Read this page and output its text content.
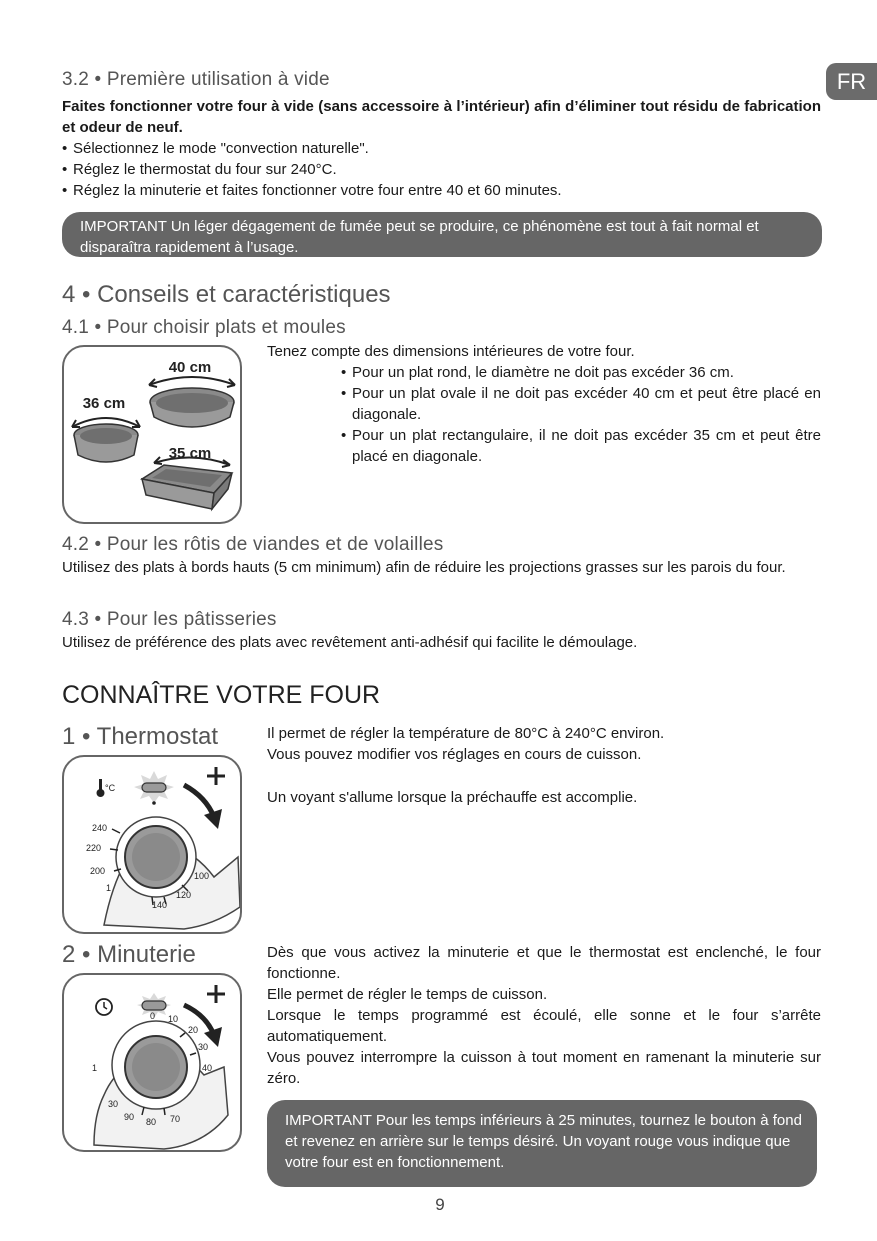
FR
3.2 • Première utilisation à vide
Faites fonctionner votre four à vide (sans accessoire à l’intérieur) afin d’éliminer tout résidu de fabrication et odeur de neuf.
• Sélectionnez le mode "convection naturelle".
• Réglez le thermostat du four sur 240°C.
• Réglez la minuterie et faites fonctionner votre four entre 40 et 60 minutes.
IMPORTANT Un léger dégagement de fumée peut se produire, ce phénomène est tout à fait normal et disparaîtra rapidement à l’usage.
4 • Conseils et caractéristiques
4.1 • Pour choisir plats et moules
40 cm
36 cm
35 cm
Tenez compte des dimensions intérieures de votre four.
• Pour un plat rond, le diamètre ne doit pas excéder 36 cm.
• Pour un plat ovale il ne doit pas excéder 40 cm et peut être placé en diagonale.
• Pour un plat rectangulaire, il ne doit pas excéder 35 cm et peut être placé en diagonale.
4.2 • Pour les rôtis de viandes et de volailles
Utilisez des plats à bords hauts (5 cm minimum) afin de réduire les projections grasses sur les parois du four.
4.3 • Pour les pâtisseries
Utilisez de préférence des plats avec revêtement anti-adhésif qui facilite le démoulage.
CONNAÎTRE VOTRE FOUR
1 • Thermostat
°C
240
220
200
1
140
120
100
Il permet de régler la température de 80°C à 240°C environ.
Vous pouvez modifier vos réglages en cours de cuisson.
Un voyant s'allume lorsque la préchauffe est accomplie.
2 • Minuterie
0 10
20
30
40
1
90 80 70
30
Dès que vous activez la minuterie et que le thermostat est enclenché, le four fonctionne.
Elle permet de régler le temps de cuisson.
Lorsque le temps programmé est écoulé, elle sonne et le four s’arrête automatiquement.
Vous pouvez interrompre la cuisson à tout moment en ramenant la minuterie sur zéro.
IMPORTANT Pour les temps inférieurs à 25 minutes, tournez le bouton à fond et revenez en arrière sur le temps désiré. Un voyant rouge vous indique que votre four est en fonctionnement.
9
